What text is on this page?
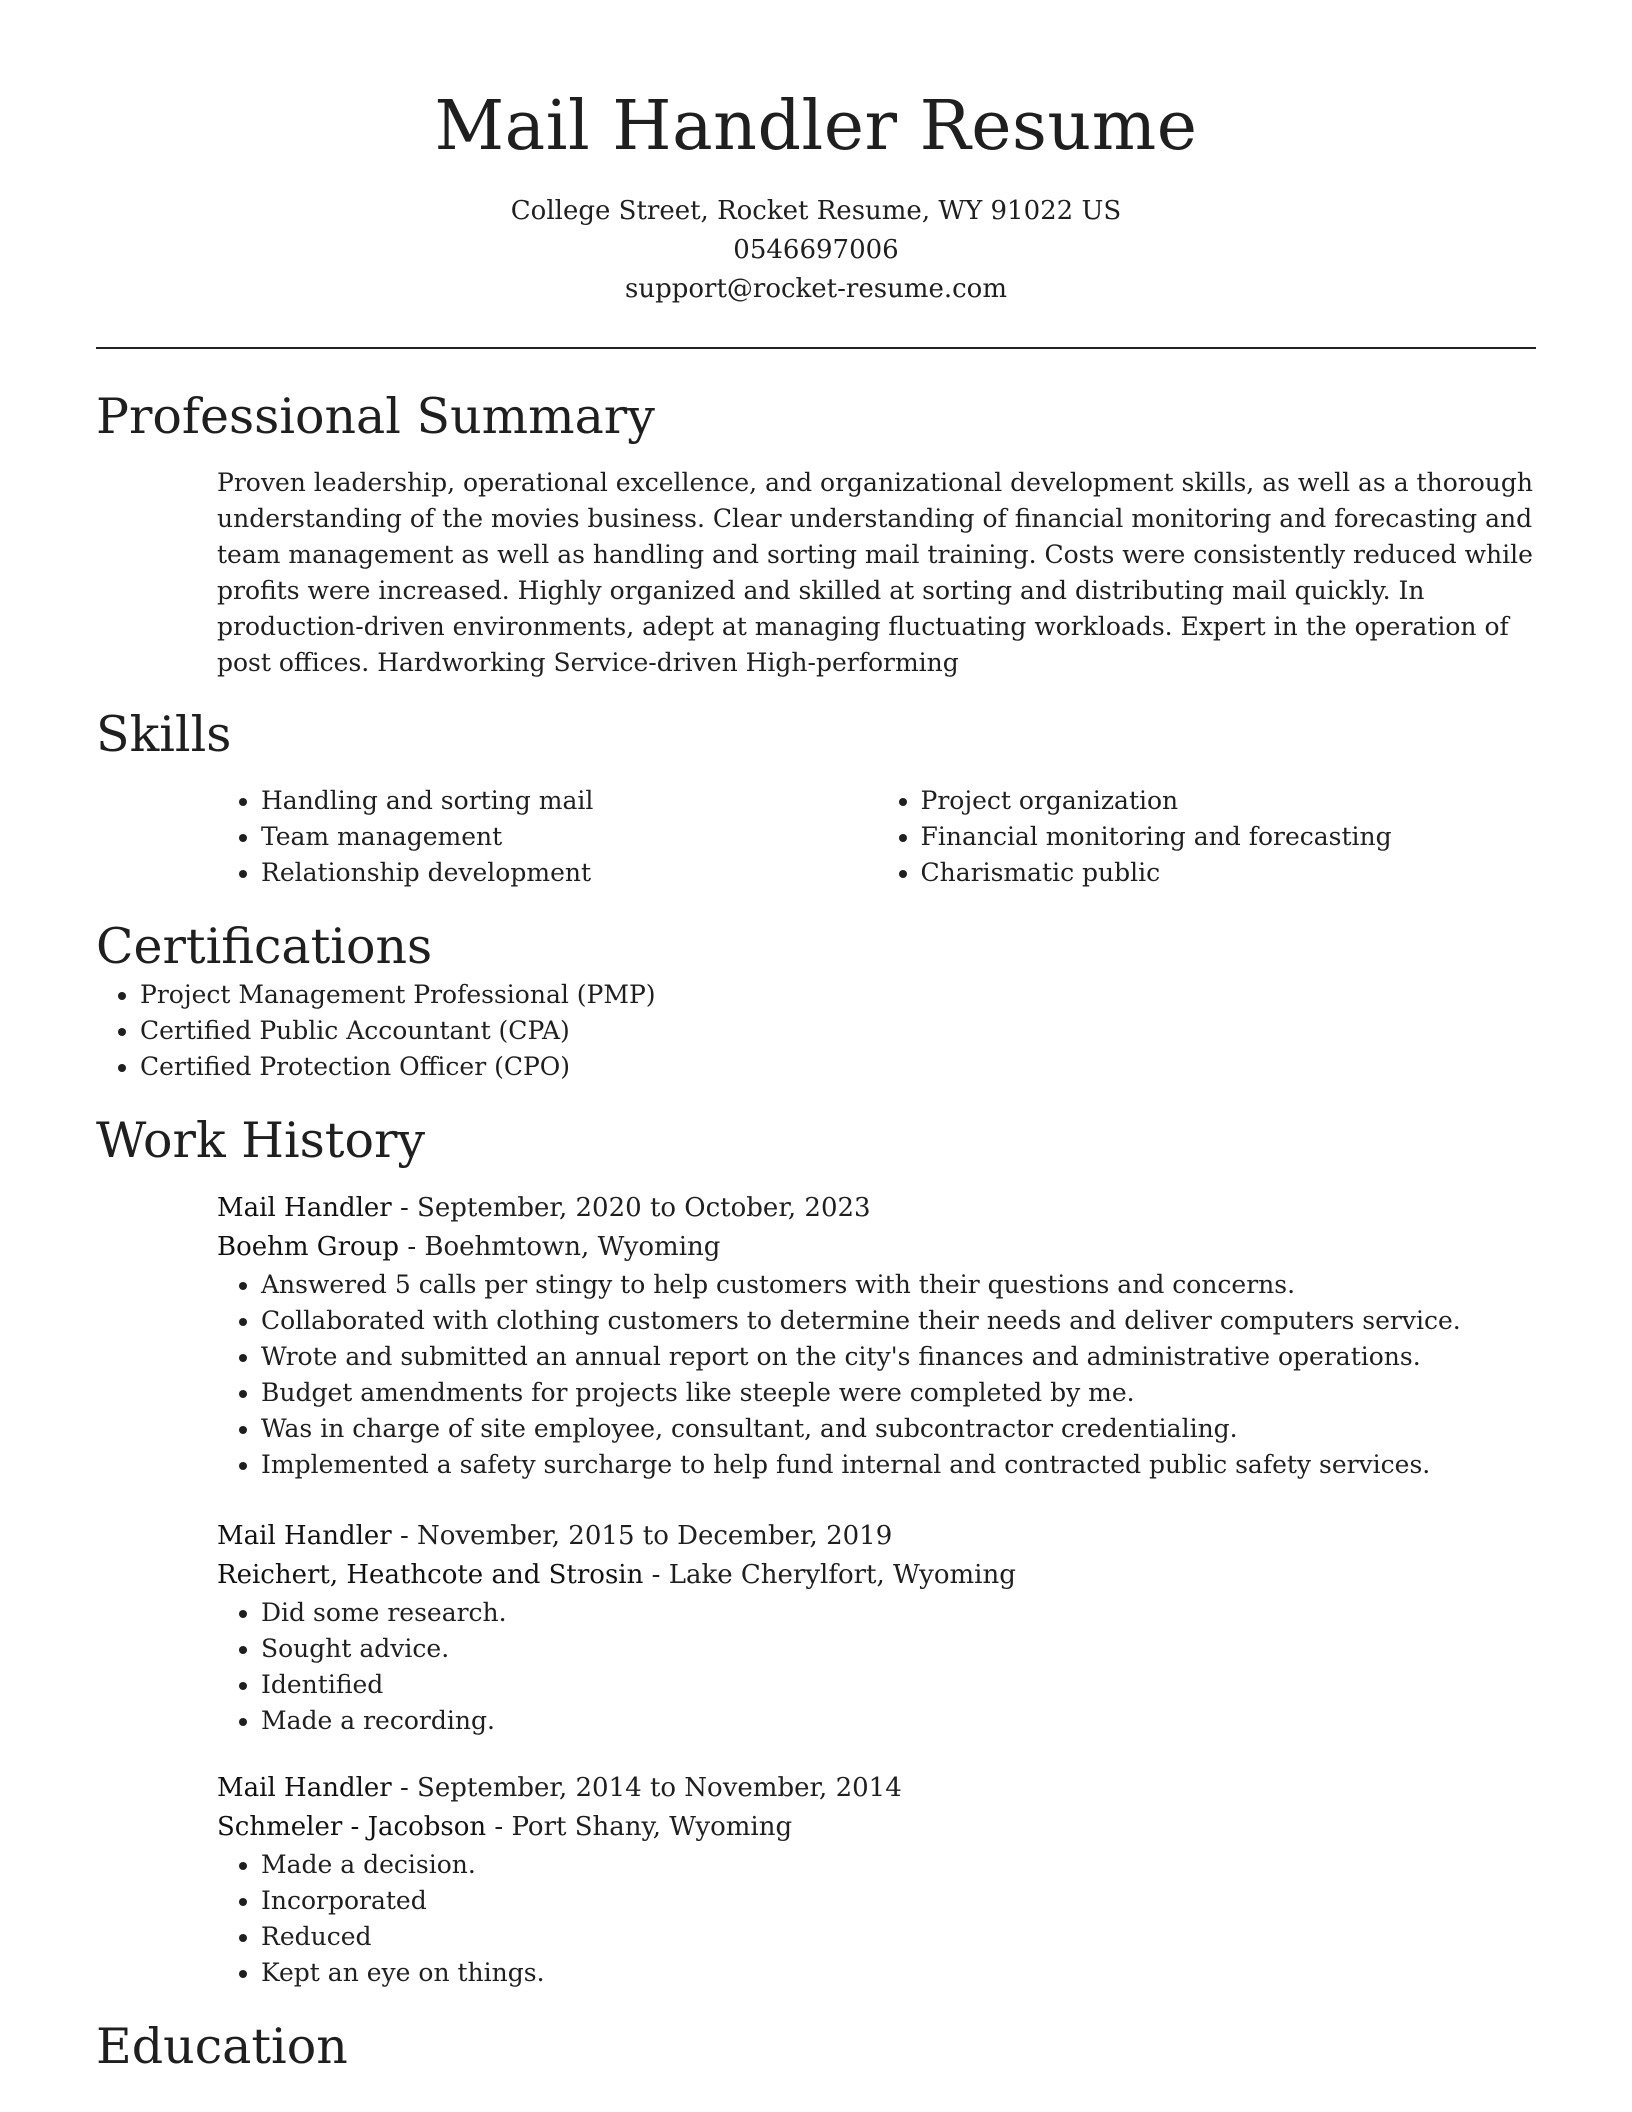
Mail Handler Resume
College Street, Rocket Resume, WY 91022 US
0546697006
support@rocket-resume.com
Professional Summary

Proven leadership, operational excellence, and organizational development skills, as well as a thorough understanding of the movies business. Clear understanding of financial monitoring and forecasting and team management as well as handling and sorting mail training. Costs were consistently reduced while profits were increased. Highly organized and skilled at sorting and distributing mail quickly. In production-driven environments, adept at managing fluctuating workloads. Expert in the operation of post offices. Hardworking Service-driven High-performing

Skills
• Handling and sorting mail
• Team management
• Relationship development
• Project organization
• Financial monitoring and forecasting
• Charismatic public
Certifications
• Project Management Professional (PMP)
• Certified Public Accountant (CPA)
• Certified Protection Officer (CPO)
Work History
Mail Handler - September, 2020 to October, 2023
Boehm Group - Boehmtown, Wyoming
• Answered 5 calls per stingy to help customers with their questions and concerns.
• Collaborated with clothing customers to determine their needs and deliver computers service.
• Wrote and submitted an annual report on the city's finances and administrative operations.
• Budget amendments for projects like steeple were completed by me.
• Was in charge of site employee, consultant, and subcontractor credentialing.
• Implemented a safety surcharge to help fund internal and contracted public safety services.
Mail Handler - November, 2015 to December, 2019
Reichert, Heathcote and Strosin - Lake Cherylfort, Wyoming
• Did some research.
• Sought advice.
• Identified
• Made a recording.
Mail Handler - September, 2014 to November, 2014
Schmeler - Jacobson - Port Shany, Wyoming
• Made a decision.
• Incorporated
• Reduced
• Kept an eye on things.
Education
